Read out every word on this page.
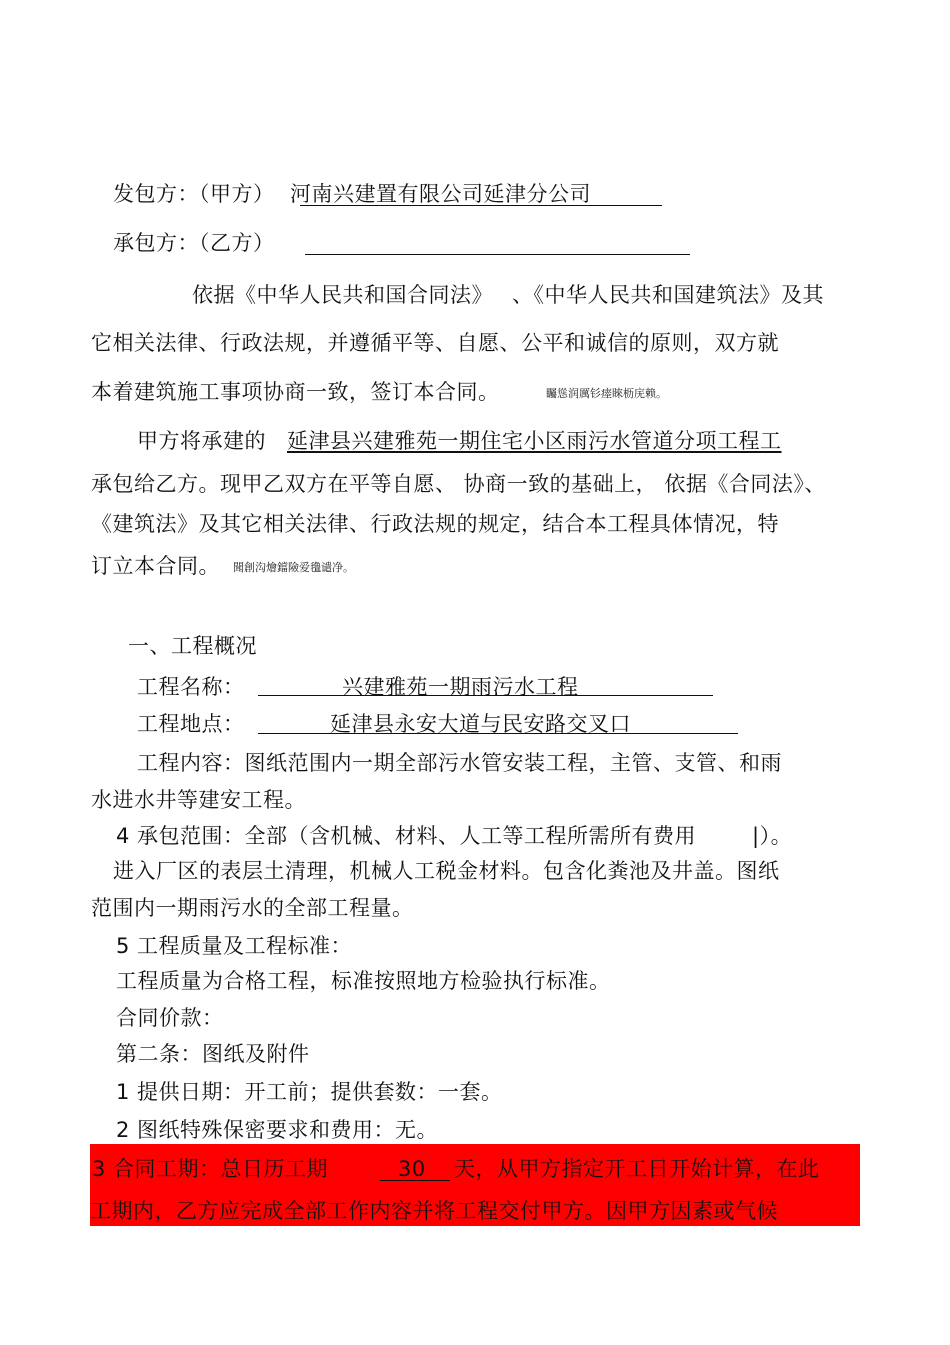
发包方：（甲方） 河南兴建置有限公司延津分公司
承包方：（乙方）
依据《中华人民共和国合同法》 、《中华人民共和国建筑法》及其
它相关法律、行政法规，并遵循平等、自愿、公平和诚信的原则，双方就
本着建筑施工事项协商一致，签订本合同。	矚慫润厲钐瘗睞枥庑赖。
甲方将承建的 延津县兴建雅苑一期住宅小区雨污水管道分项工程工
承包给乙方。现甲乙双方在平等自愿、 协商一致的基础上， 依据《合同法》、
《建筑法》及其它相关法律、行政法规的规定，结合本工程具体情况，特
订立本合同。 聞創沟燴鐺險爱氇谴净。
一、工程概况
工程名称：	兴建雅苑一期雨污水工程
工程地点：	延津县永安大道与民安路交叉口
工程内容：图纸范围内一期全部污水管安装工程，主管、支管、和雨
水进水井等建安工程。
4 承包范围：全部（含机械、材料、人工等工程所需所有费用	|）。
进入厂区的表层土清理，机械人工税金材料。包含化粪池及井盖。图纸
范围内一期雨污水的全部工程量。
5 工程质量及工程标准：
工程质量为合格工程，标准按照地方检验执行标准。
合同价款：
第二条：图纸及附件
1 提供日期：开工前；提供套数：一套。
2 图纸特殊保密要求和费用：无。
3 合同工期：总日历工期	30 天，从甲方指定开工日开始计算，在此
工期内，乙方应完成全部工作内容并将工程交付甲方。因甲方因素或气候
